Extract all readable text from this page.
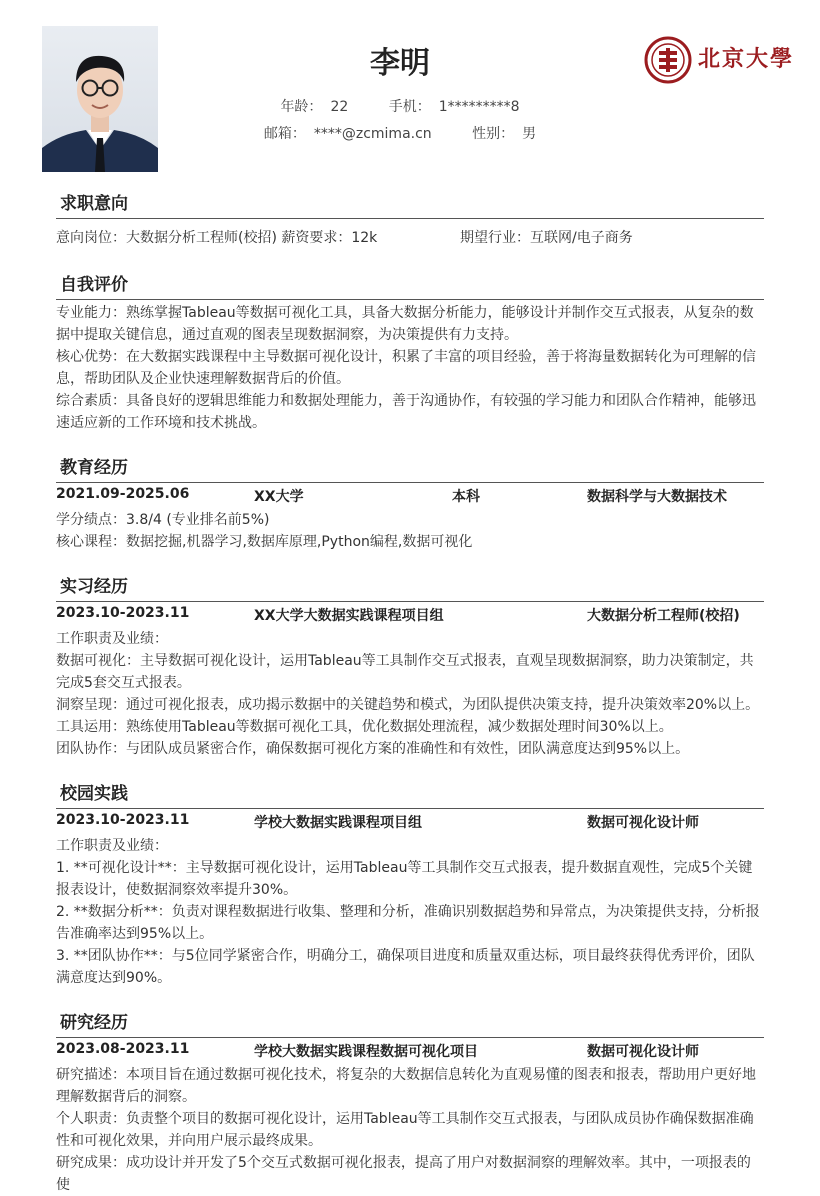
李明
年龄： 22	手机： 1*********8
邮箱： ****@zcmima.cn	性别： 男
北京大學
求职意向
意向岗位：大数据分析工程师(校招) 薪资要求：12k	期望行业：互联网/电子商务
自我评价

专业能力：熟练掌握Tableau等数据可视化工具，具备大数据分析能力，能够设计并制作交互式报表，从复杂的数据中提取关键信息，通过直观的图表呈现数据洞察，为决策提供有力支持。

核心优势：在大数据实践课程中主导数据可视化设计，积累了丰富的项目经验，善于将海量数据转化为可理解的信息，帮助团队及企业快速理解数据背后的价值。

综合素质：具备良好的逻辑思维能力和数据处理能力，善于沟通协作，有较强的学习能力和团队合作精神，能够迅速适应新的工作环境和技术挑战。

教育经历
2021.09-2025.06	XX大学	本科	数据科学与大数据技术

学分绩点：3.8/4 (专业排名前5%)

核心课程：数据挖掘,机器学习,数据库原理,Python编程,数据可视化

实习经历
2023.10-2023.11	XX大学大数据实践课程项目组	大数据分析工程师(校招)

工作职责及业绩：

数据可视化：主导数据可视化设计，运用Tableau等工具制作交互式报表，直观呈现数据洞察，助力决策制定，共完成5套交互式报表。

洞察呈现：通过可视化报表，成功揭示数据中的关键趋势和模式，为团队提供决策支持，提升决策效率20%以上。

工具运用：熟练使用Tableau等数据可视化工具，优化数据处理流程，减少数据处理时间30%以上。

团队协作：与团队成员紧密合作，确保数据可视化方案的准确性和有效性，团队满意度达到95%以上。

校园实践
2023.10-2023.11	学校大数据实践课程项目组	数据可视化设计师

工作职责及业绩：

1. **可视化设计**：主导数据可视化设计，运用Tableau等工具制作交互式报表，提升数据直观性，完成5个关键报表设计，使数据洞察效率提升30%。

2. **数据分析**：负责对课程数据进行收集、整理和分析，准确识别数据趋势和异常点，为决策提供支持，分析报告准确率达到95%以上。

3. **团队协作**：与5位同学紧密合作，明确分工，确保项目进度和质量双重达标，项目最终获得优秀评价，团队满意度达到90%。

研究经历
2023.08-2023.11	学校大数据实践课程数据可视化项目	数据可视化设计师

研究描述：本项目旨在通过数据可视化技术，将复杂的大数据信息转化为直观易懂的图表和报表，帮助用户更好地理解数据背后的洞察。

个人职责：负责整个项目的数据可视化设计，运用Tableau等工具制作交互式报表，与团队成员协作确保数据准确性和可视化效果，并向用户展示最终成果。

研究成果：成功设计并开发了5个交互式数据可视化报表，提高了用户对数据洞察的理解效率。其中，一项报表的使
